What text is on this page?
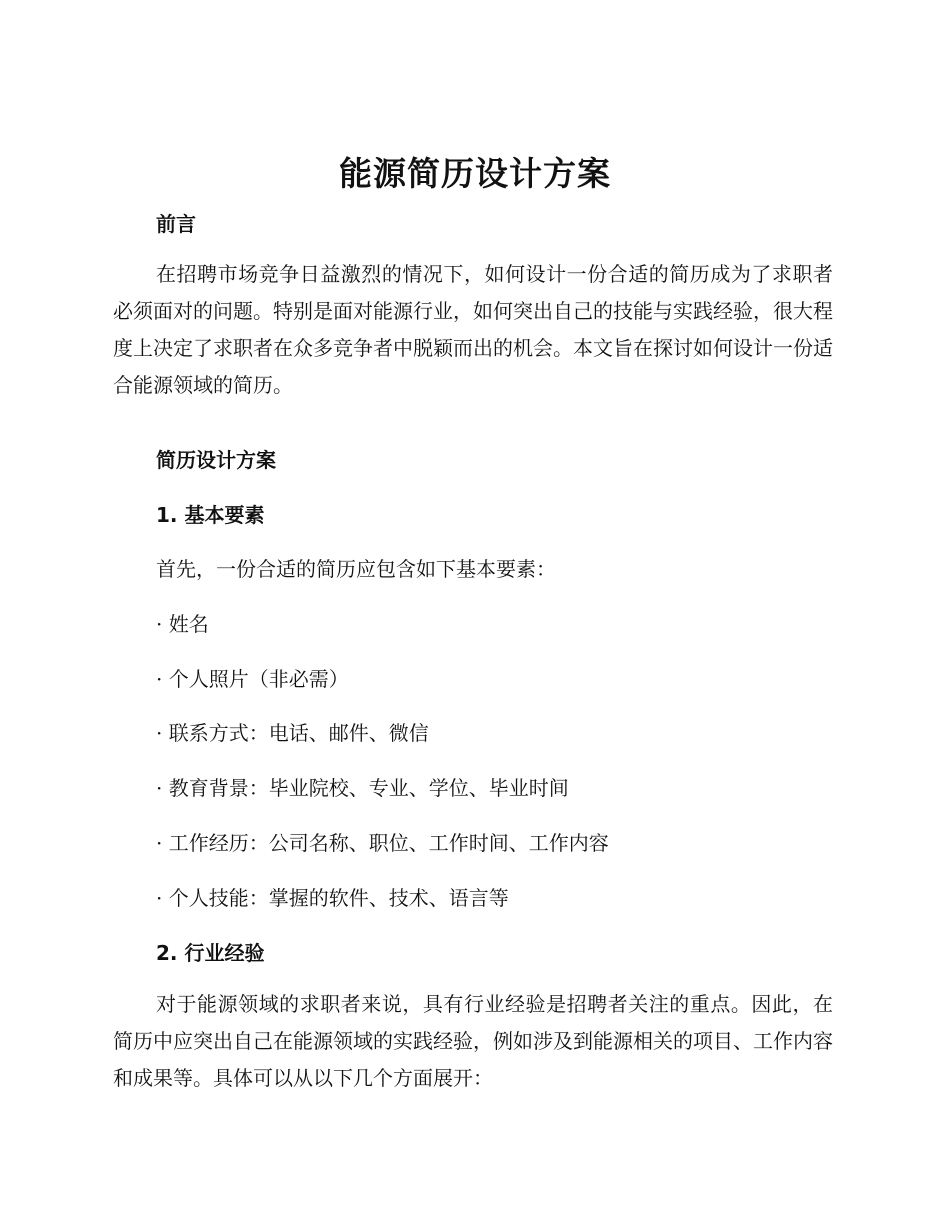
能源简历设计方案
前言

在招聘市场竞争日益激烈的情况下，如何设计一份合适的简历成为了求职者必须面对的问题。特别是面对能源行业，如何突出自己的技能与实践经验，很大程度上决定了求职者在众多竞争者中脱颖而出的机会。本文旨在探讨如何设计一份适合能源领域的简历。

简历设计方案
1. 基本要素

首先，一份合适的简历应包含如下基本要素：

· 姓名

· 个人照片（非必需）

· 联系方式：电话、邮件、微信

· 教育背景：毕业院校、专业、学位、毕业时间

· 工作经历：公司名称、职位、工作时间、工作内容

· 个人技能：掌握的软件、技术、语言等

2. 行业经验

对于能源领域的求职者来说，具有行业经验是招聘者关注的重点。因此，在简历中应突出自己在能源领域的实践经验，例如涉及到能源相关的项目、工作内容和成果等。具体可以从以下几个方面展开：
